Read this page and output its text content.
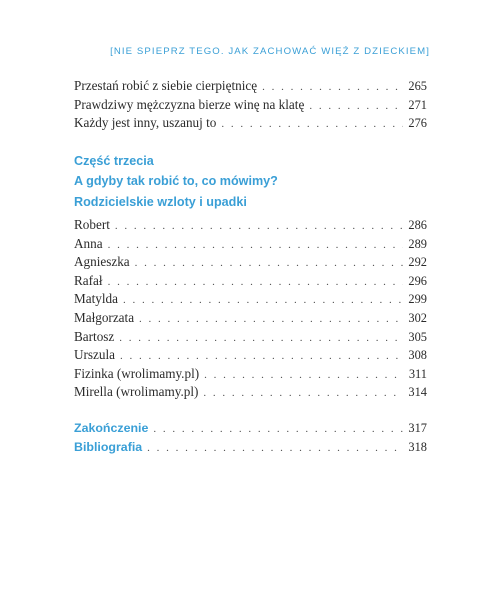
[NIE SPIEPRZ TEGO. JAK ZACHOWAĆ WIĘŹ Z DZIECKIEM]
Przestań robić z siebie cierpiętnicę . . .	265
Prawdziwy mężczyzna bierze winę na klatę . . .	271
Każdy jest inny, uszanuj to . . .	276
Część trzecia
A gdyby tak robić to, co mówimy?
Rodzicielskie wzloty i upadki
Robert . . .	286
Anna . . .	289
Agnieszka . . .	292
Rafał . . .	296
Matylda . . .	299
Małgorzata . . .	302
Bartosz . . .	305
Urszula . . .	308
Fizinka (wrolimamy.pl) . . .	311
Mirella (wrolimamy.pl) . . .	314
Zakończenie . . .	317
Bibliografia . . .	318
